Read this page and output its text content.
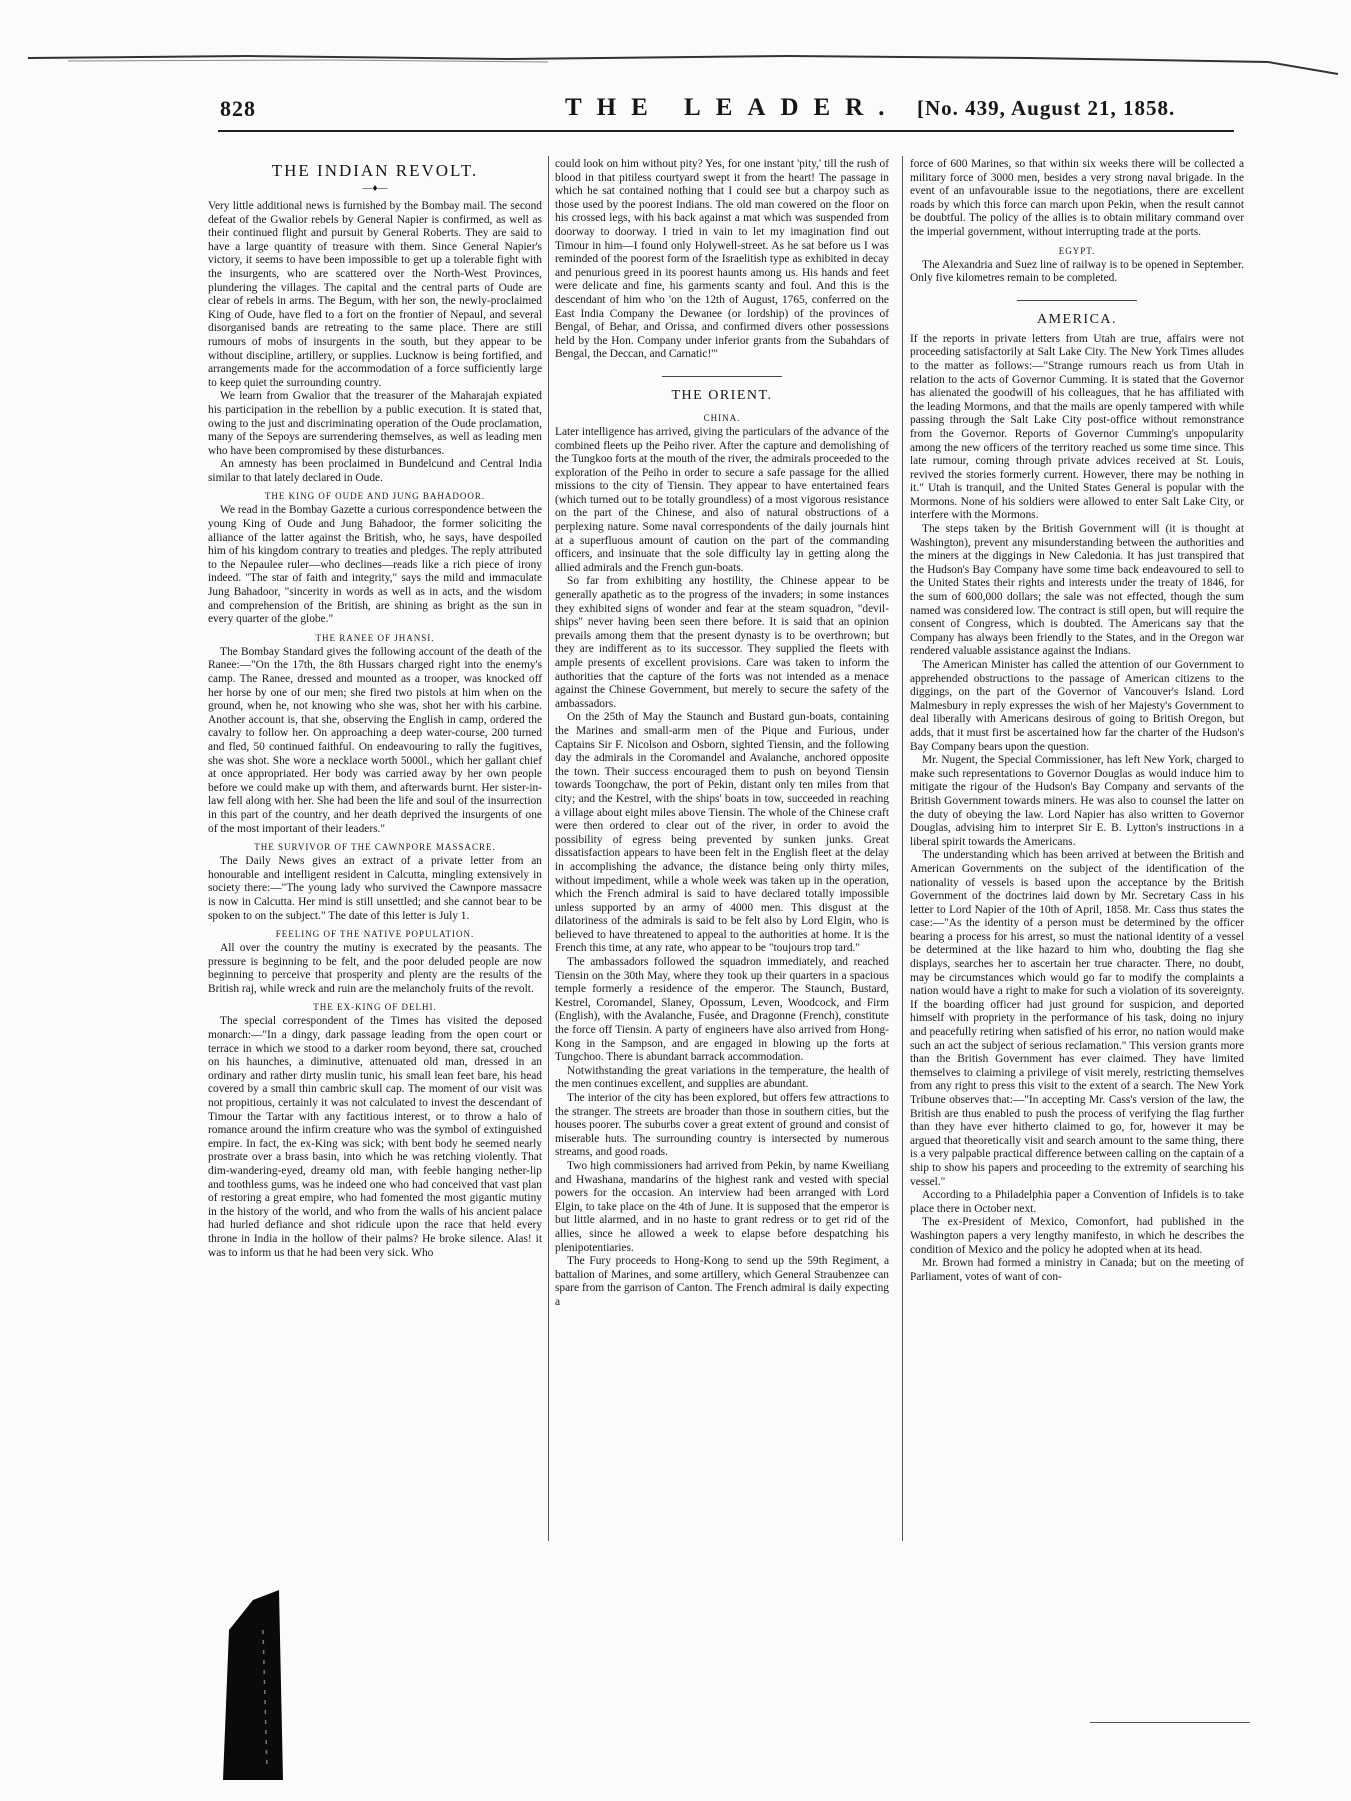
828	THE LEADER. [No. 439, August 21, 1858.
THE INDIAN REVOLT.
—♦—

Very little additional news is furnished by the Bombay mail. The second defeat of the Gwalior rebels by General Napier is confirmed, as well as their continued flight and pursuit by General Roberts. They are said to have a large quantity of treasure with them. Since General Napier's victory, it seems to have been impossible to get up a tolerable fight with the insurgents, who are scattered over the North-West Provinces, plundering the villages. The capital and the central parts of Oude are clear of rebels in arms. The Begum, with her son, the newly-proclaimed King of Oude, have fled to a fort on the frontier of Nepaul, and several disorganised bands are retreating to the same place. There are still rumours of mobs of insurgents in the south, but they appear to be without discipline, artillery, or supplies. Lucknow is being fortified, and arrangements made for the accommodation of a force sufficiently large to keep quiet the surrounding country.

We learn from Gwalior that the treasurer of the Maharajah expiated his participation in the rebellion by a public execution. It is stated that, owing to the just and discriminating operation of the Oude proclamation, many of the Sepoys are surrendering themselves, as well as leading men who have been compromised by these disturbances.

An amnesty has been proclaimed in Bundelcund and Central India similar to that lately declared in Oude.

THE KING OF OUDE AND JUNG BAHADOOR.

We read in the Bombay Gazette a curious correspondence between the young King of Oude and Jung Bahadoor, the former soliciting the alliance of the latter against the British, who, he says, have despoiled him of his kingdom contrary to treaties and pledges. The reply attributed to the Nepaulee ruler—who declines—reads like a rich piece of irony indeed. "The star of faith and integrity," says the mild and immaculate Jung Bahadoor, "sincerity in words as well as in acts, and the wisdom and comprehension of the British, are shining as bright as the sun in every quarter of the globe."

THE RANEE OF JHANSI.

The Bombay Standard gives the following account of the death of the Ranee:—"On the 17th, the 8th Hussars charged right into the enemy's camp. The Ranee, dressed and mounted as a trooper, was knocked off her horse by one of our men; she fired two pistols at him when on the ground, when he, not knowing who she was, shot her with his carbine. Another account is, that she, observing the English in camp, ordered the cavalry to follow her. On approaching a deep water-course, 200 turned and fled, 50 continued faithful. On endeavouring to rally the fugitives, she was shot. She wore a necklace worth 5000l., which her gallant chief at once appropriated. Her body was carried away by her own people before we could make up with them, and afterwards burnt. Her sister-in-law fell along with her. She had been the life and soul of the insurrection in this part of the country, and her death deprived the insurgents of one of the most important of their leaders."

THE SURVIVOR OF THE CAWNPORE MASSACRE.

The Daily News gives an extract of a private letter from an honourable and intelligent resident in Calcutta, mingling extensively in society there:—"The young lady who survived the Cawnpore massacre is now in Calcutta. Her mind is still unsettled; and she cannot bear to be spoken to on the subject." The date of this letter is July 1.

FEELING OF THE NATIVE POPULATION.

All over the country the mutiny is execrated by the peasants. The pressure is beginning to be felt, and the poor deluded people are now beginning to perceive that prosperity and plenty are the results of the British raj, while wreck and ruin are the melancholy fruits of the revolt.

THE EX-KING OF DELHI.

The special correspondent of the Times has visited the deposed monarch:—"In a dingy, dark passage leading from the open court or terrace in which we stood to a darker room beyond, there sat, crouched on his haunches, a diminutive, attenuated old man, dressed in an ordinary and rather dirty muslin tunic, his small lean feet bare, his head covered by a small thin cambric skull cap. The moment of our visit was not propitious, certainly it was not calculated to invest the descendant of Timour the Tartar with any factitious interest, or to throw a halo of romance around the infirm creature who was the symbol of extinguished empire. In fact, the ex-King was sick; with bent body he seemed nearly prostrate over a brass basin, into which he was retching violently. That dim-wandering-eyed, dreamy old man, with feeble hanging nether-lip and toothless gums, was he indeed one who had conceived that vast plan of restoring a great empire, who had fomented the most gigantic mutiny in the history of the world, and who from the walls of his ancient palace had hurled defiance and shot ridicule upon the race that held every throne in India in the hollow of their palms? He broke silence. Alas! it was to inform us that he had been very sick. Who

could look on him without pity? Yes, for one instant 'pity,' till the rush of blood in that pitiless courtyard swept it from the heart! The passage in which he sat contained nothing that I could see but a charpoy such as those used by the poorest Indians. The old man cowered on the floor on his crossed legs, with his back against a mat which was suspended from doorway to doorway. I tried in vain to let my imagination find out Timour in him—I found only Holywell-street. As he sat before us I was reminded of the poorest form of the Israelitish type as exhibited in decay and penurious greed in its poorest haunts among us. His hands and feet were delicate and fine, his garments scanty and foul. And this is the descendant of him who 'on the 12th of August, 1765, conferred on the East India Company the Dewanee (or lordship) of the provinces of Bengal, of Behar, and Orissa, and confirmed divers other possessions held by the Hon. Company under inferior grants from the Subahdars of Bengal, the Deccan, and Carnatic!'"

THE ORIENT.
CHINA.

Later intelligence has arrived, giving the particulars of the advance of the combined fleets up the Peiho river. After the capture and demolishing of the Tungkoo forts at the mouth of the river, the admirals proceeded to the exploration of the Peiho in order to secure a safe passage for the allied missions to the city of Tiensin. They appear to have entertained fears (which turned out to be totally groundless) of a most vigorous resistance on the part of the Chinese, and also of natural obstructions of a perplexing nature. Some naval correspondents of the daily journals hint at a superfluous amount of caution on the part of the commanding officers, and insinuate that the sole difficulty lay in getting along the allied admirals and the French gun-boats.

So far from exhibiting any hostility, the Chinese appear to be generally apathetic as to the progress of the invaders; in some instances they exhibited signs of wonder and fear at the steam squadron, "devil-ships" never having been seen there before. It is said that an opinion prevails among them that the present dynasty is to be overthrown; but they are indifferent as to its successor. They supplied the fleets with ample presents of excellent provisions. Care was taken to inform the authorities that the capture of the forts was not intended as a menace against the Chinese Government, but merely to secure the safety of the ambassadors.

On the 25th of May the Staunch and Bustard gun-boats, containing the Marines and small-arm men of the Pique and Furious, under Captains Sir F. Nicolson and Osborn, sighted Tiensin, and the following day the admirals in the Coromandel and Avalanche, anchored opposite the town. Their success encouraged them to push on beyond Tiensin towards Toongchaw, the port of Pekin, distant only ten miles from that city; and the Kestrel, with the ships' boats in tow, succeeded in reaching a village about eight miles above Tiensin. The whole of the Chinese craft were then ordered to clear out of the river, in order to avoid the possibility of egress being prevented by sunken junks. Great dissatisfaction appears to have been felt in the English fleet at the delay in accomplishing the advance, the distance being only thirty miles, without impediment, while a whole week was taken up in the operation, which the French admiral is said to have declared totally impossible unless supported by an army of 4000 men. This disgust at the dilatoriness of the admirals is said to be felt also by Lord Elgin, who is believed to have threatened to appeal to the authorities at home. It is the French this time, at any rate, who appear to be "toujours trop tard."

The ambassadors followed the squadron immediately, and reached Tiensin on the 30th May, where they took up their quarters in a spacious temple formerly a residence of the emperor. The Staunch, Bustard, Kestrel, Coromandel, Slaney, Opossum, Leven, Woodcock, and Firm (English), with the Avalanche, Fusée, and Dragonne (French), constitute the force off Tiensin. A party of engineers have also arrived from Hong-Kong in the Sampson, and are engaged in blowing up the forts at Tungchoo. There is abundant barrack accommodation.

Notwithstanding the great variations in the temperature, the health of the men continues excellent, and supplies are abundant.

The interior of the city has been explored, but offers few attractions to the stranger. The streets are broader than those in southern cities, but the houses poorer. The suburbs cover a great extent of ground and consist of miserable huts. The surrounding country is intersected by numerous streams, and good roads.

Two high commissioners had arrived from Pekin, by name Kweiliang and Hwashana, mandarins of the highest rank and vested with special powers for the occasion. An interview had been arranged with Lord Elgin, to take place on the 4th of June. It is supposed that the emperor is but little alarmed, and in no haste to grant redress or to get rid of the allies, since he allowed a week to elapse before despatching his plenipotentiaries.

The Fury proceeds to Hong-Kong to send up the 59th Regiment, a battalion of Marines, and some artillery, which General Straubenzee can spare from the garrison of Canton. The French admiral is daily expecting a

force of 600 Marines, so that within six weeks there will be collected a military force of 3000 men, besides a very strong naval brigade. In the event of an unfavourable issue to the negotiations, there are excellent roads by which this force can march upon Pekin, when the result cannot be doubtful. The policy of the allies is to obtain military command over the imperial government, without interrupting trade at the ports.

EGYPT.

The Alexandria and Suez line of railway is to be opened in September. Only five kilometres remain to be completed.

AMERICA.

If the reports in private letters from Utah are true, affairs were not proceeding satisfactorily at Salt Lake City. The New York Times alludes to the matter as follows:—"Strange rumours reach us from Utah in relation to the acts of Governor Cumming. It is stated that the Governor has alienated the goodwill of his colleagues, that he has affiliated with the leading Mormons, and that the mails are openly tampered with while passing through the Salt Lake City post-office without remonstrance from the Governor. Reports of Governor Cumming's unpopularity among the new officers of the territory reached us some time since. This late rumour, coming through private advices received at St. Louis, revived the stories formerly current. However, there may be nothing in it." Utah is tranquil, and the United States General is popular with the Mormons. None of his soldiers were allowed to enter Salt Lake City, or interfere with the Mormons.

The steps taken by the British Government will (it is thought at Washington), prevent any misunderstanding between the authorities and the miners at the diggings in New Caledonia. It has just transpired that the Hudson's Bay Company have some time back endeavoured to sell to the United States their rights and interests under the treaty of 1846, for the sum of 600,000 dollars; the sale was not effected, though the sum named was considered low. The contract is still open, but will require the consent of Congress, which is doubted. The Americans say that the Company has always been friendly to the States, and in the Oregon war rendered valuable assistance against the Indians.

The American Minister has called the attention of our Government to apprehended obstructions to the passage of American citizens to the diggings, on the part of the Governor of Vancouver's Island. Lord Malmesbury in reply expresses the wish of her Majesty's Government to deal liberally with Americans desirous of going to British Oregon, but adds, that it must first be ascertained how far the charter of the Hudson's Bay Company bears upon the question.

Mr. Nugent, the Special Commissioner, has left New York, charged to make such representations to Governor Douglas as would induce him to mitigate the rigour of the Hudson's Bay Company and servants of the British Government towards miners. He was also to counsel the latter on the duty of obeying the law. Lord Napier has also written to Governor Douglas, advising him to interpret Sir E. B. Lytton's instructions in a liberal spirit towards the Americans.

The understanding which has been arrived at between the British and American Governments on the subject of the identification of the nationality of vessels is based upon the acceptance by the British Government of the doctrines laid down by Mr. Secretary Cass in his letter to Lord Napier of the 10th of April, 1858. Mr. Cass thus states the case:—"As the identity of a person must be determined by the officer bearing a process for his arrest, so must the national identity of a vessel be determined at the like hazard to him who, doubting the flag she displays, searches her to ascertain her true character. There, no doubt, may be circumstances which would go far to modify the complaints a nation would have a right to make for such a violation of its sovereignty. If the boarding officer had just ground for suspicion, and deported himself with propriety in the performance of his task, doing no injury and peacefully retiring when satisfied of his error, no nation would make such an act the subject of serious reclamation." This version grants more than the British Government has ever claimed. They have limited themselves to claiming a privilege of visit merely, restricting themselves from any right to press this visit to the extent of a search. The New York Tribune observes that:—"In accepting Mr. Cass's version of the law, the British are thus enabled to push the process of verifying the flag further than they have ever hitherto claimed to go, for, however it may be argued that theoretically visit and search amount to the same thing, there is a very palpable practical difference between calling on the captain of a ship to show his papers and proceeding to the extremity of searching his vessel."

According to a Philadelphia paper a Convention of Infidels is to take place there in October next.

The ex-President of Mexico, Comonfort, had published in the Washington papers a very lengthy manifesto, in which he describes the condition of Mexico and the policy he adopted when at its head.

Mr. Brown had formed a ministry in Canada; but on the meeting of Parliament, votes of want of con-
